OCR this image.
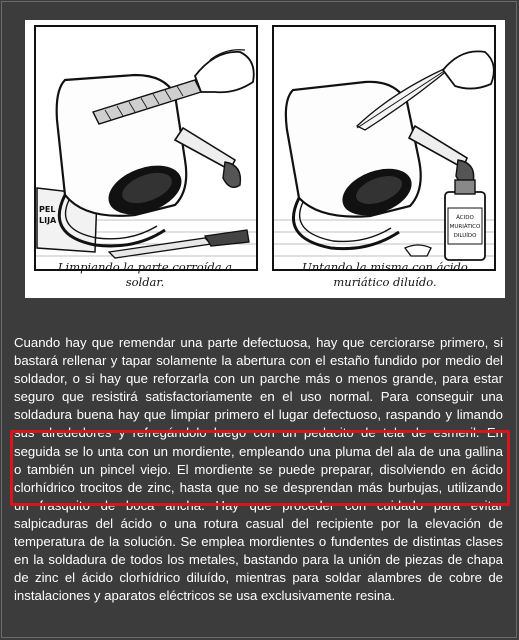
PEL
LIJA
Limpiando la parte corroída a
soldar.
ÁCIDO
MURIÁTICO
DILUÍDO
Untando la misma con ácido
muriático diluído.
Cuando hay que remendar una parte defectuosa, hay que cerciorarse primero, si bastará rellenar y tapar solamente la abertura con el estaño fundido por medio del soldador, o si hay que reforzarla con un parche más o menos grande, para estar seguro que resistirá satisfactoriamente en el uso normal. Para conseguir una soldadura buena hay que limpiar primero el lugar defectuoso, raspando y limando sus alrededores y refregándolo luego con un pedacito de tela de esmeril. En seguida se lo unta con un mordiente, empleando una pluma del ala de una gallina o también un pincel viejo. El mordiente se puede preparar, disolviendo en ácido clorhídrico trocitos de zinc, hasta que no se desprendan más burbujas, utilizando un frasquito de boca ancha. Hay que proceder con cuidado para evitar salpicaduras del ácido o una rotura casual del recipiente por la elevación de temperatura de la solución. Se emplea mordientes o fundentes de distintas clases en la soldadura de todos los metales, bastando para la unión de piezas de chapa de zinc el ácido clorhídrico diluído, mientras para soldar alambres de cobre de instalaciones y aparatos eléctricos se usa exclusivamente resina.
